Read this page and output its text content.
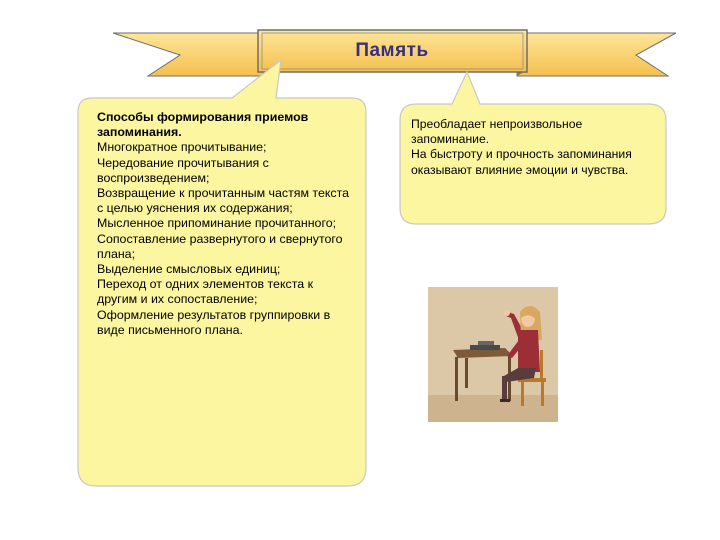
Память
Способы формирования приемов запоминания.
Многократное прочитывание;
Чередование прочитывания с воспроизведением;
Возвращение к прочитанным частям текста с целью уяснения их содержания;
Мысленное припоминание прочитанного;
Сопоставление развернутого и свернутого плана;
Выделение смысловых единиц;
Переход от одних элементов текста к другим и их сопоставление;
Оформление результатов группировки в виде письменного плана.
Преобладает непроизвольное запоминание.
На быстроту и прочность запоминания оказывают влияние эмоции и чувства.
